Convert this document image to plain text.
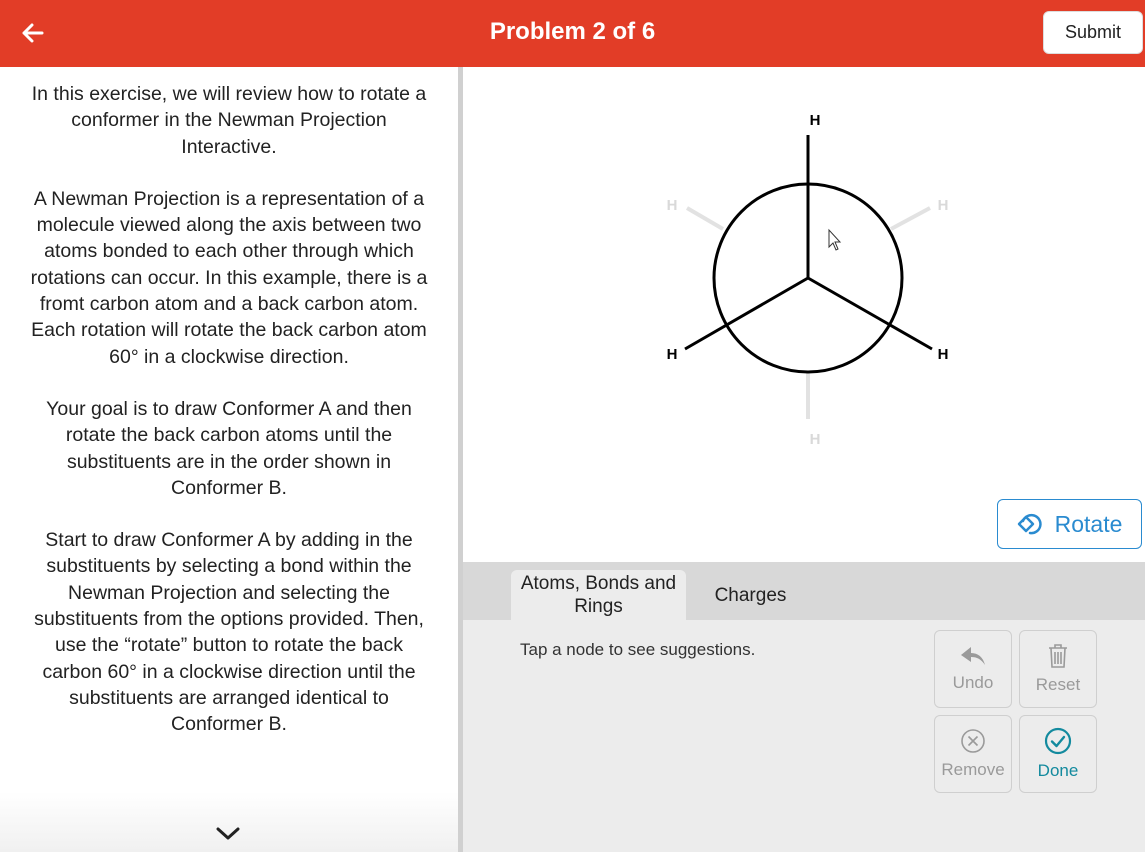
Problem 2 of 6	Submit

In this exercise, we will review how to rotate a conformer in the Newman Projection Interactive.

A Newman Projection is a representation of a molecule viewed along the axis between two atoms bonded to each other through which rotations can occur. In this example, there is a fromt carbon atom and a back carbon atom. Each rotation will rotate the back carbon atom 60° in a clockwise direction.

Your goal is to draw Conformer A and then rotate the back carbon atoms until the substituents are in the order shown in Conformer B.

Start to draw Conformer A by adding in the substituents by selecting a bond within the Newman Projection and selecting the substituents from the options provided. Then, use the “rotate” button to rotate the back carbon 60° in a clockwise direction until the substituents are arranged identical to Conformer B.

H
H	H
H	H
H
Rotate
Atoms, Bonds and Rings
Charges
Tap a node to see suggestions.
Undo Reset
Remove Done
